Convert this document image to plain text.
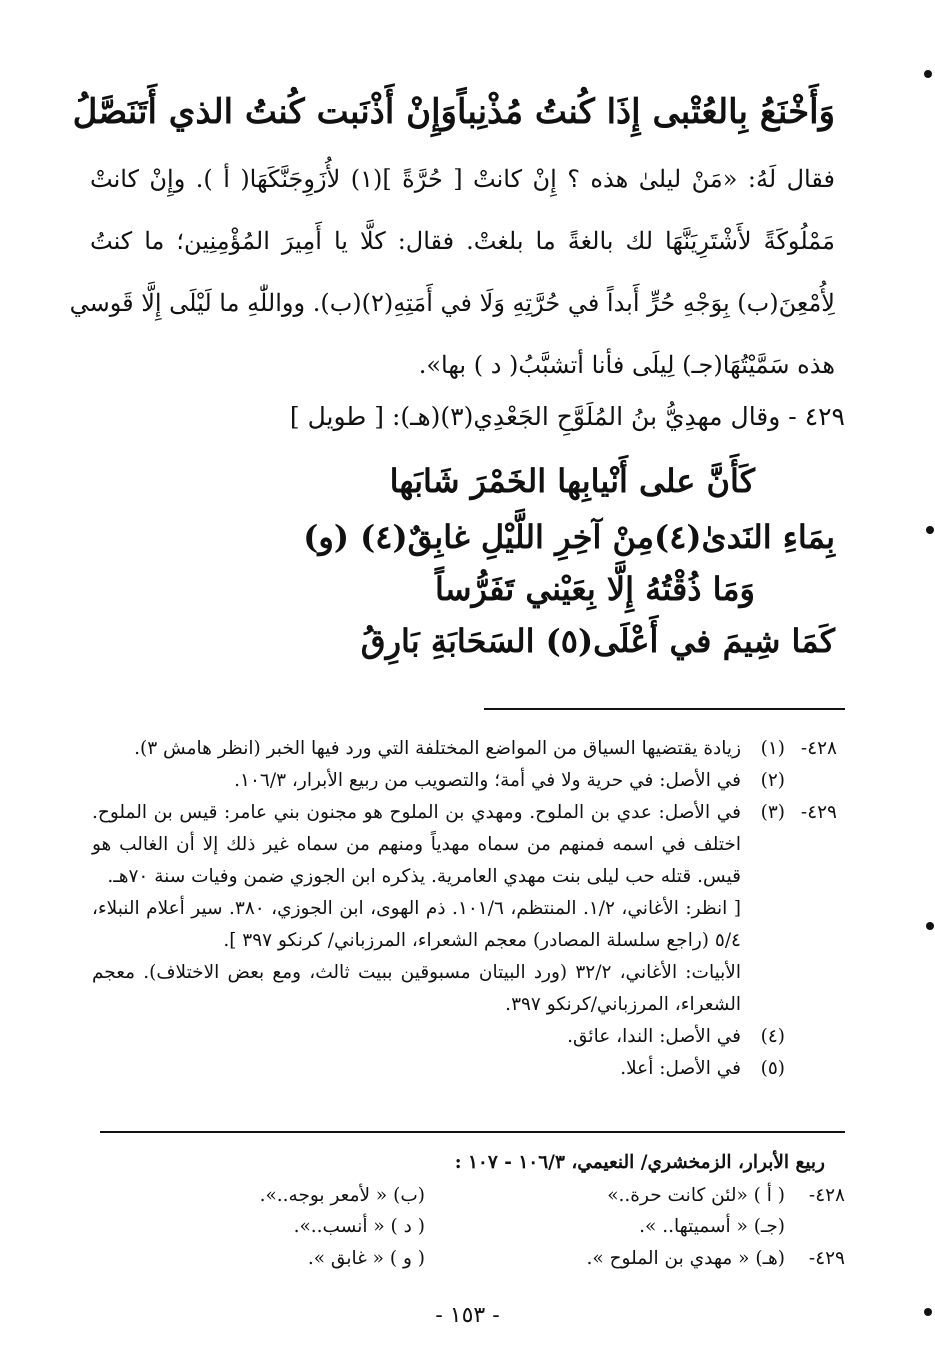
وَأَخْنَعُ بِالعُتْبى إِذَا كُنتُ مُذْنِباً
وَإِنْ أَذْنَبت كُنتُ الذي أَتَنَصَّلُ
فقال لَهُ: «مَنْ ليلىٰ هذه ؟ إِنْ كانتْ [ حُرَّةً ](١) لأُزَوِجَنَّكَهَا( أ ). وإِنْ كانتْ
مَمْلُوكَةً لأَشْتَرِيَنَّهَا لك بالغةً ما بلغتْ. فقال: كلَّا يا أَمِيرَ المُؤْمِنِين؛ ما كنتُ
لِأُمْعِنَ(ب) بِوَجْهِ حُرٍّ أَبداً في حُرَّتِهِ وَلَا في أَمَتِهِ(٢)(ب). وواللّٰهِ ما لَيْلَى إِلَّا قَوسي
هذه سَمَّيْتُهَا(جـ) لِيلَى فأنا أتشبَّبُ( د ) بها».
٤٢٩ - وقال مهدِيُّ بنُ المُلَوَّحِ الجَعْدِي(٣)(هـ): [ طويل ]
كَأَنَّ على أَنْيابِها الخَمْرَ شَابَها
بِمَاءِ النَدىٰ(٤)مِنْ آخِرِ اللَّيْلِ غابِقٌ(٤) (و)
وَمَا ذُقْتُهُ إِلَّا بِعَيْني تَفَرُّساً
كَمَا شِيمَ في أَعْلَى(٥) السَحَابَةِ بَارِقُ
٤٢٨-
(١)
زيادة يقتضيها السياق من المواضع المختلفة التي ورد فيها الخبر (انظر هامش ٣).
(٢)
في الأصل: في حرية ولا في أمة؛ والتصويب من ربيع الأبرار، ١٠٦/٣.
٤٢٩-
(٣)
في الأصل: عدي بن الملوح. ومهدي بن الملوح هو مجنون بني عامر: قيس بن الملوح. اختلف في اسمه فمنهم من سماه مهدياً ومنهم من سماه غير ذلك إلا أن الغالب هو قيس. قتله حب ليلى بنت مهدي العامرية. يذكره ابن الجوزي ضمن وفيات سنة ٧٠هـ.
[ انظر: الأغاني، ١/٢. المنتظم، ١٠١/٦. ذم الهوى، ابن الجوزي، ٣٨٠. سير أعلام النبلاء، ٥/٤ (راجع سلسلة المصادر) معجم الشعراء، المرزباني/ كرنكو ٣٩٧ ].
الأبيات: الأغاني، ٣٢/٢ (ورد البيتان مسبوقين ببيت ثالث، ومع بعض الاختلاف). معجم الشعراء، المرزباني/كرنكو ٣٩٧.
(٤)
في الأصل: الندا، عائق.
(٥)
في الأصل: أعلا.
ربيع الأبرار، الزمخشري/ النعيمي، ١٠٦/٣ - ١٠٧ :
٤٢٨-
( أ ) «لئن كانت حرة..»
(ب) « لأمعر بوجه..».
(جـ) « أسميتها.. ».
( د ) « أنسب..».
٤٢٩-
(هـ) « مهدي بن الملوح ».
( و ) « غابق ».
- ١٥٣ -
